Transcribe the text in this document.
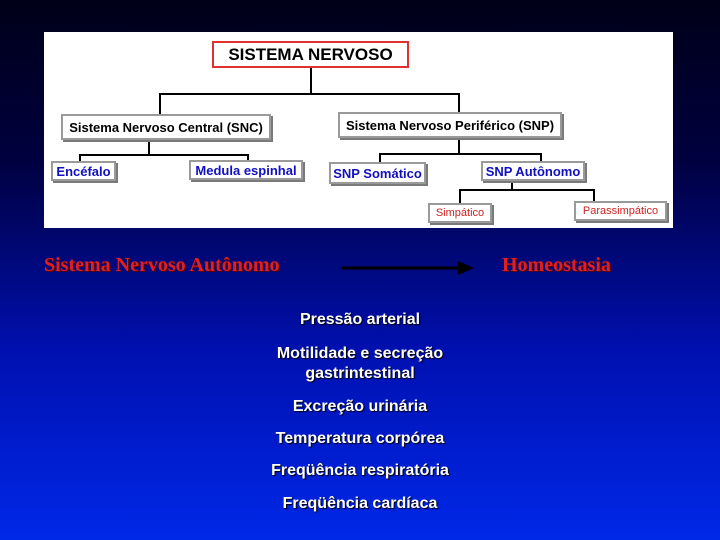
SISTEMA NERVOSO
Sistema Nervoso Central (SNC)	Sistema Nervoso Periférico (SNP)
Encéfalo	Medula espinhal	SNP Somático	SNP Autônomo
Simpático	Parassimpático
Sistema Nervoso Autônomo	Homeostasia
Pressão arterial
Motilidade e secreção
gastrintestinal
Excreção urinária
Temperatura corpórea
Freqüência respiratória
Freqüência cardíaca
